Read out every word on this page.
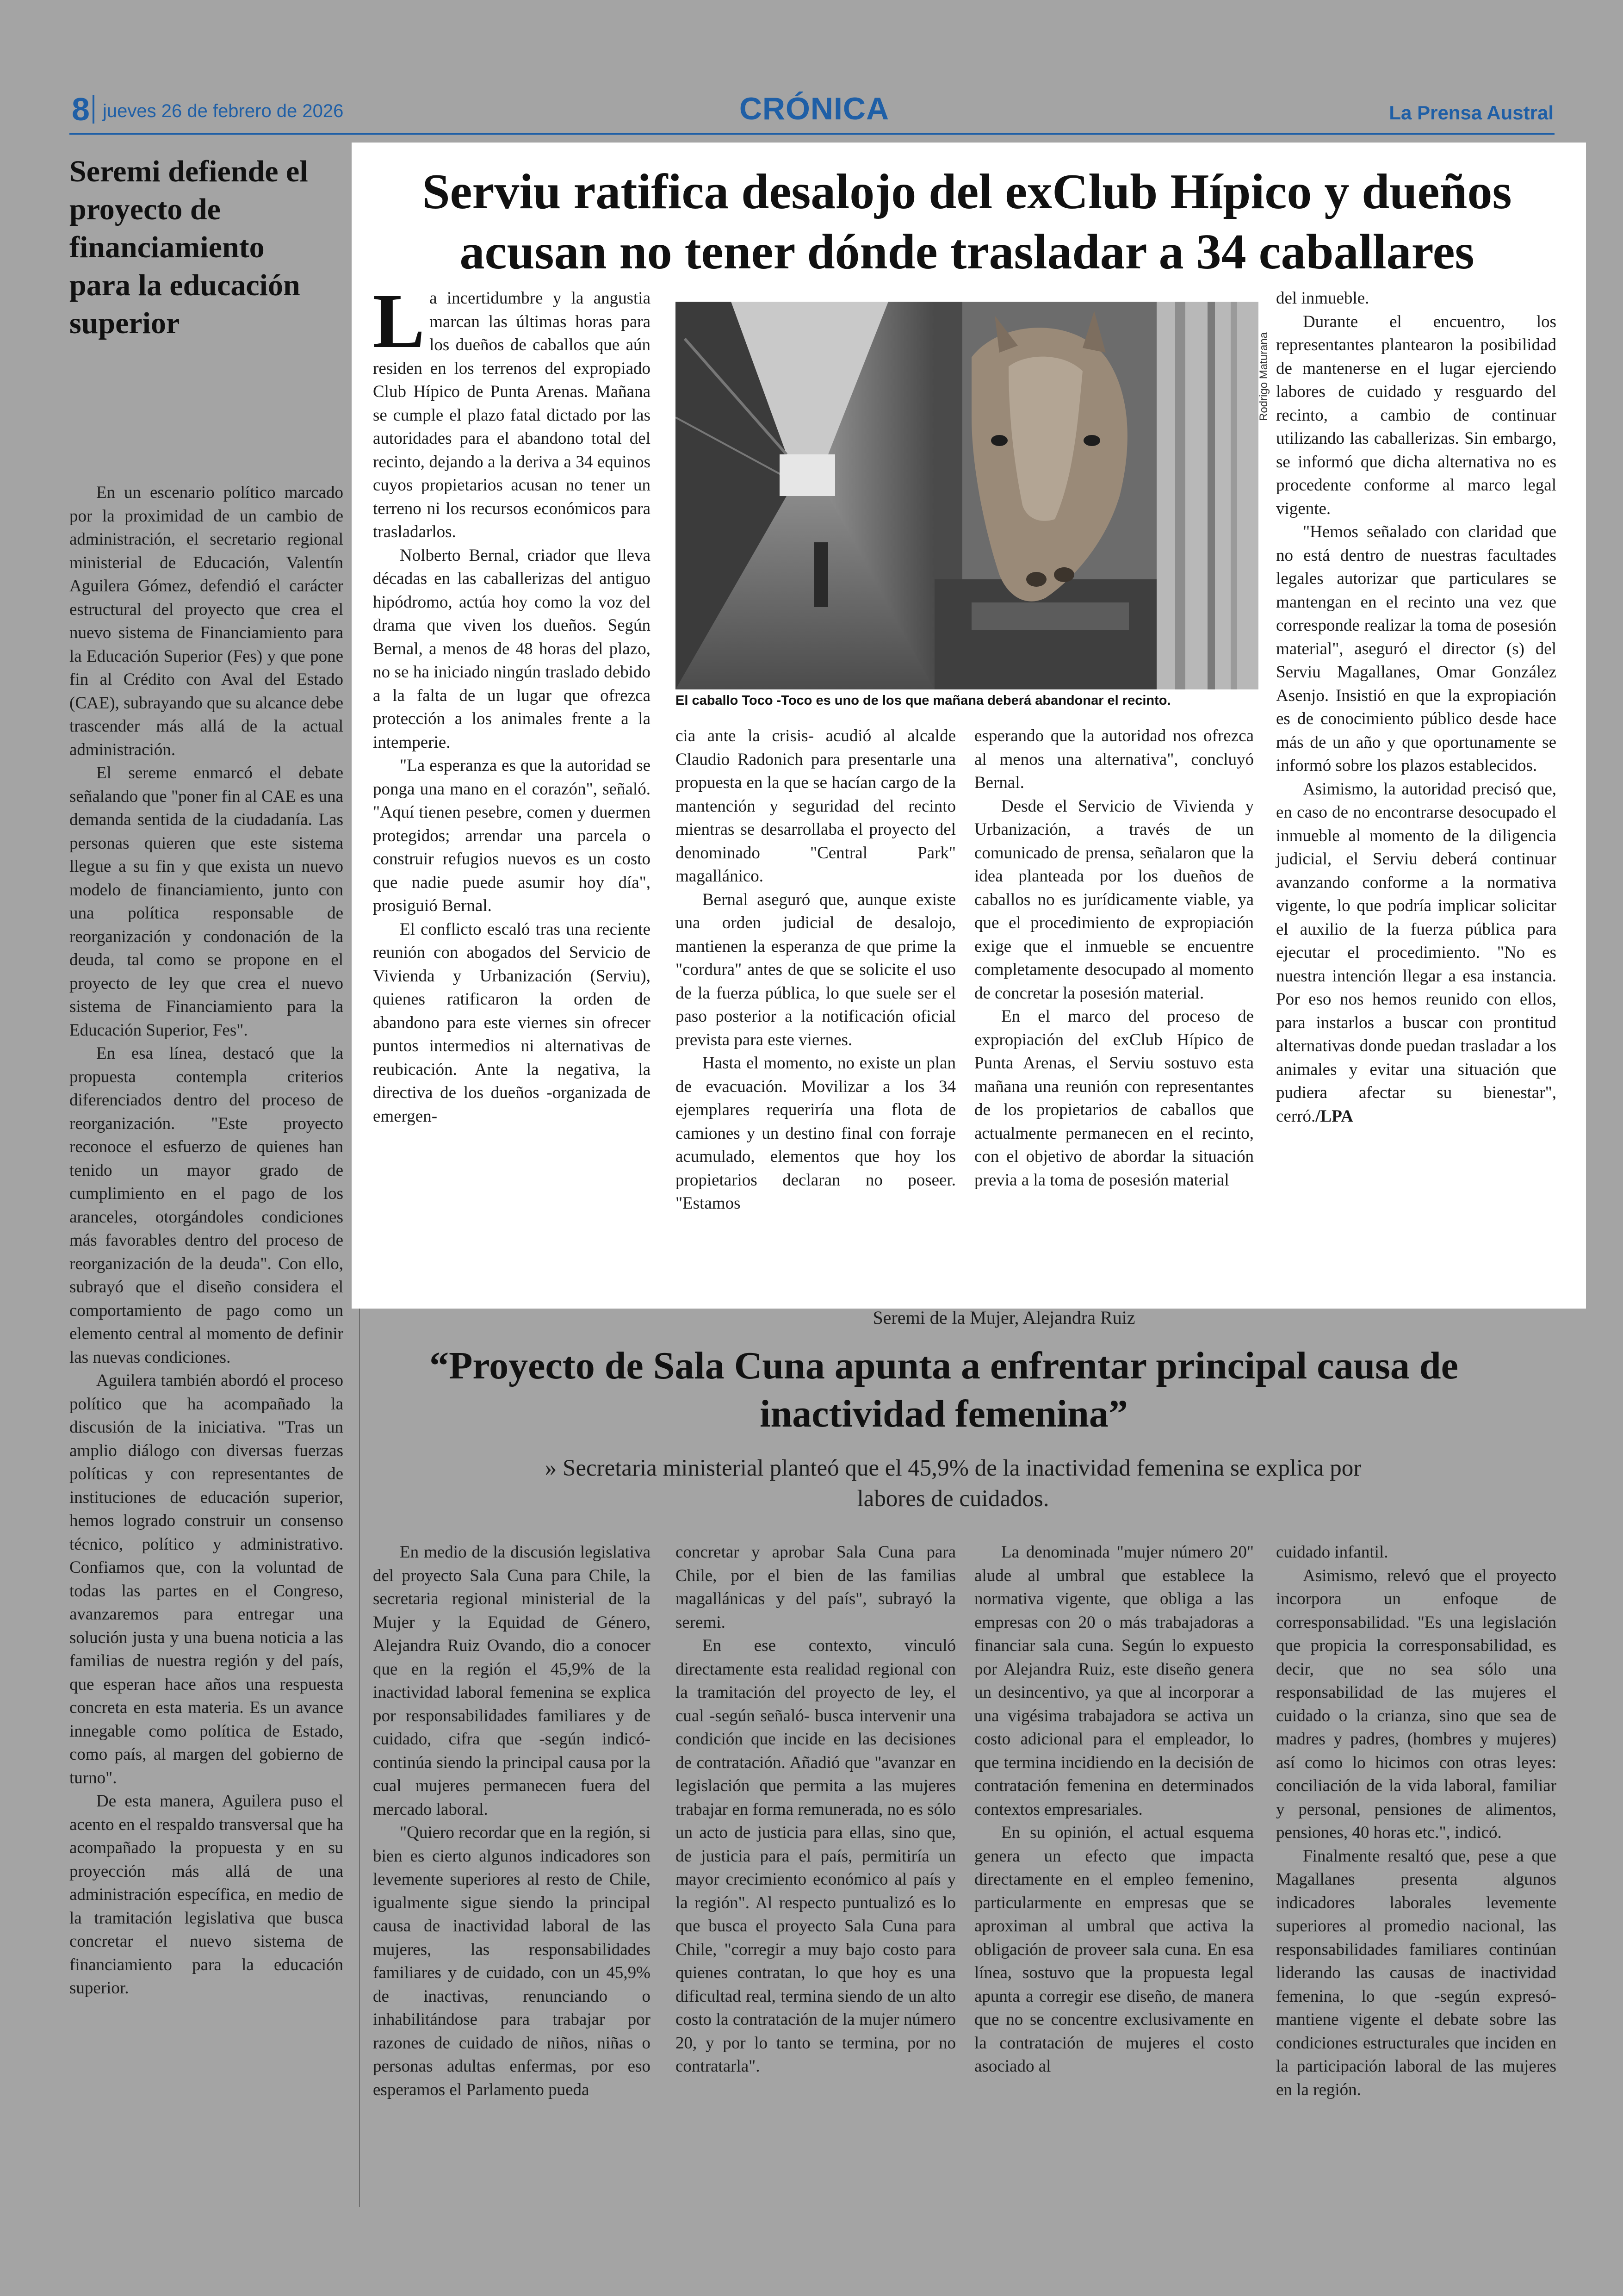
8 jueves 26 de febrero de 2026	CRÓNICA	La Prensa Austral
Seremi defiende el proyecto de financiamiento para la educación superior

En un escenario político marcado por la proximidad de un cambio de administración, el secretario regional ministerial de Educación, Valentín Aguilera Gómez, defendió el carácter estructural del proyecto que crea el nuevo sistema de Financiamiento para la Educación Superior (Fes) y que pone fin al Crédito con Aval del Estado (CAE), subrayando que su alcance debe trascender más allá de la actual administración.

El sereme enmarcó el debate señalando que "poner fin al CAE es una demanda sentida de la ciudadanía. Las personas quieren que este sistema llegue a su fin y que exista un nuevo modelo de financiamiento, junto con una política responsable de reorganización y condonación de la deuda, tal como se propone en el proyecto de ley que crea el nuevo sistema de Financiamiento para la Educación Superior, Fes".

En esa línea, destacó que la propuesta contempla criterios diferenciados dentro del proceso de reorganización. "Este proyecto reconoce el esfuerzo de quienes han tenido un mayor grado de cumplimiento en el pago de los aranceles, otorgándoles condiciones más favorables dentro del proceso de reorganización de la deuda". Con ello, subrayó que el diseño considera el comportamiento de pago como un elemento central al momento de definir las nuevas condiciones.

Aguilera también abordó el proceso político que ha acompañado la discusión de la iniciativa. "Tras un amplio diálogo con diversas fuerzas políticas y con representantes de instituciones de educación superior, hemos logrado construir un consenso técnico, político y administrativo. Confiamos que, con la voluntad de todas las partes en el Congreso, avanzaremos para entregar una solución justa y una buena noticia a las familias de nuestra región y del país, que esperan hace años una respuesta concreta en esta materia. Es un avance innegable como política de Estado, como país, al margen del gobierno de turno".

De esta manera, Aguilera puso el acento en el respaldo transversal que ha acompañado la propuesta y en su proyección más allá de una administración específica, en medio de la tramitación legislativa que busca concretar el nuevo sistema de financiamiento para la educación superior.

Serviu ratifica desalojo del exClub Hípico y dueños acusan no tener dónde trasladar a 34 caballares
Rodrigo Maturana
El caballo Toco -Toco es uno de los que mañana deberá abandonar el recinto.
L a incertidumbre y la angustia marcan las últimas horas para los dueños de caballos que aún residen en los terrenos del expropiado Club Hípico de Punta Arenas. Mañana se cumple el plazo fatal dictado por las autoridades para el abandono total del recinto, dejando a la deriva a 34 equinos cuyos propietarios acusan no tener un terreno ni los recursos económicos para trasladarlos.

Nolberto Bernal, criador que lleva décadas en las caballerizas del antiguo hipódromo, actúa hoy como la voz del drama que viven los dueños. Según Bernal, a menos de 48 horas del plazo, no se ha iniciado ningún traslado debido a la falta de un lugar que ofrezca protección a los animales frente a la intemperie.

"La esperanza es que la autoridad se ponga una mano en el corazón", señaló. "Aquí tienen pesebre, comen y duermen protegidos; arrendar una parcela o construir refugios nuevos es un costo que nadie puede asumir hoy día", prosiguió Bernal.

El conflicto escaló tras una reciente reunión con abogados del Servicio de Vivienda y Urbanización (Serviu), quienes ratificaron la orden de abandono para este viernes sin ofrecer puntos intermedios ni alternativas de reubicación. Ante la negativa, la directiva de los dueños -organizada de emergen-

cia ante la crisis- acudió al alcalde Claudio Radonich para presentarle una propuesta en la que se hacían cargo de la mantención y seguridad del recinto mientras se desarrollaba el proyecto del denominado "Central Park" magallánico.

Bernal aseguró que, aunque existe una orden judicial de desalojo, mantienen la esperanza de que prime la "cordura" antes de que se solicite el uso de la fuerza pública, lo que suele ser el paso posterior a la notificación oficial prevista para este viernes.

Hasta el momento, no existe un plan de evacuación. Movilizar a los 34 ejemplares requeriría una flota de camiones y un destino final con forraje acumulado, elementos que hoy los propietarios declaran no poseer. "Estamos

esperando que la autoridad nos ofrezca al menos una alternativa", concluyó Bernal.

Desde el Servicio de Vivienda y Urbanización, a través de un comunicado de prensa, señalaron que la idea planteada por los dueños de caballos no es jurídicamente viable, ya que el procedimiento de expropiación exige que el inmueble se encuentre completamente desocupado al momento de concretar la posesión material.

En el marco del proceso de expropiación del exClub Hípico de Punta Arenas, el Serviu sostuvo esta mañana una reunión con representantes de los propietarios de caballos que actualmente permanecen en el recinto, con el objetivo de abordar la situación previa a la toma de posesión material

del inmueble.

Durante el encuentro, los representantes plantearon la posibilidad de mantenerse en el lugar ejerciendo labores de cuidado y resguardo del recinto, a cambio de continuar utilizando las caballerizas. Sin embargo, se informó que dicha alternativa no es procedente conforme al marco legal vigente.

"Hemos señalado con claridad que no está dentro de nuestras facultades legales autorizar que particulares se mantengan en el recinto una vez que corresponde realizar la toma de posesión material", aseguró el director (s) del Serviu Magallanes, Omar González Asenjo. Insistió en que la expropiación es de conocimiento público desde hace más de un año y que oportunamente se informó sobre los plazos establecidos.

Asimismo, la autoridad precisó que, en caso de no encontrarse desocupado el inmueble al momento de la diligencia judicial, el Serviu deberá continuar avanzando conforme a la normativa vigente, lo que podría implicar solicitar el auxilio de la fuerza pública para ejecutar el procedimiento. "No es nuestra intención llegar a esa instancia. Por eso nos hemos reunido con ellos, para instarlos a buscar con prontitud alternativas donde puedan trasladar a los animales y evitar una situación que pudiera afectar su bienestar", cerró./LPA

Seremi de la Mujer, Alejandra Ruiz
“Proyecto de Sala Cuna apunta a enfrentar principal causa de inactividad femenina”
» Secretaria ministerial planteó que el 45,9% de la inactividad femenina se explica por labores de cuidados.

En medio de la discusión legislativa del proyecto Sala Cuna para Chile, la secretaria regional ministerial de la Mujer y la Equidad de Género, Alejandra Ruiz Ovando, dio a conocer que en la región el 45,9% de la inactividad laboral femenina se explica por responsabilidades familiares y de cuidado, cifra que -según indicó- continúa siendo la principal causa por la cual mujeres permanecen fuera del mercado laboral.

"Quiero recordar que en la región, si bien es cierto algunos indicadores son levemente superiores al resto de Chile, igualmente sigue siendo la principal causa de inactividad laboral de las mujeres, las responsabilidades familiares y de cuidado, con un 45,9% de inactivas, renunciando o inhabilitándose para trabajar por razones de cuidado de niños, niñas o personas adultas enfermas, por eso esperamos el Parlamento pueda

concretar y aprobar Sala Cuna para Chile, por el bien de las familias magallánicas y del país", subrayó la seremi.

En ese contexto, vinculó directamente esta realidad regional con la tramitación del proyecto de ley, el cual -según señaló- busca intervenir una condición que incide en las decisiones de contratación. Añadió que "avanzar en legislación que permita a las mujeres trabajar en forma remunerada, no es sólo un acto de justicia para ellas, sino que, de justicia para el país, permitiría un mayor crecimiento económico al país y la región". Al respecto puntualizó es lo que busca el proyecto Sala Cuna para Chile, "corregir a muy bajo costo para quienes contratan, lo que hoy es una dificultad real, termina siendo de un alto costo la contratación de la mujer número 20, y por lo tanto se termina, por no contratarla".

La denominada "mujer número 20" alude al umbral que establece la normativa vigente, que obliga a las empresas con 20 o más trabajadoras a financiar sala cuna. Según lo expuesto por Alejandra Ruiz, este diseño genera un desincentivo, ya que al incorporar a una vigésima trabajadora se activa un costo adicional para el empleador, lo que termina incidiendo en la decisión de contratación femenina en determinados contextos empresariales.

En su opinión, el actual esquema genera un efecto que impacta directamente en el empleo femenino, particularmente en empresas que se aproximan al umbral que activa la obligación de proveer sala cuna. En esa línea, sostuvo que la propuesta legal apunta a corregir ese diseño, de manera que no se concentre exclusivamente en la contratación de mujeres el costo asociado al

cuidado infantil.

Asimismo, relevó que el proyecto incorpora un enfoque de corresponsabilidad. "Es una legislación que propicia la corresponsabilidad, es decir, que no sea sólo una responsabilidad de las mujeres el cuidado o la crianza, sino que sea de madres y padres, (hombres y mujeres) así como lo hicimos con otras leyes: conciliación de la vida laboral, familiar y personal, pensiones de alimentos, pensiones, 40 horas etc.", indicó.

Finalmente resaltó que, pese a que Magallanes presenta algunos indicadores laborales levemente superiores al promedio nacional, las responsabilidades familiares continúan liderando las causas de inactividad femenina, lo que -según expresó- mantiene vigente el debate sobre las condiciones estructurales que inciden en la participación laboral de las mujeres en la región.
